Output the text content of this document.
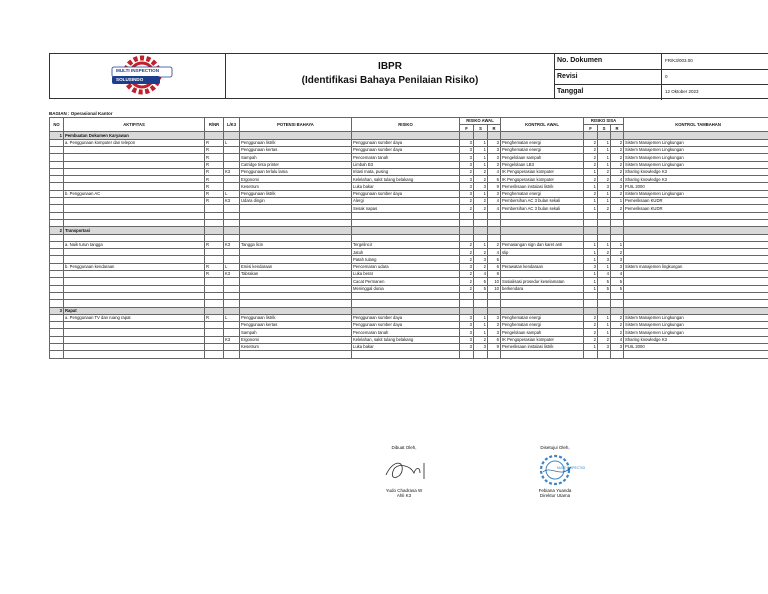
MULTI INSPECTION
SOLUSINDO
IBPR
(Identifikasi Bahaya Penilaian Risiko)
No. Dokumen	FR/K3/003.00
Revisi	0
Tanggal	12 Oktober 2023
BAGIAN : Operasional Kantor
NO	AKTIFITAS	R/NR	L/K3	POTENSI BAHAYA	RISIKO	RISIKO AWAL			KONTROL AWAL	RISIKO SISA			KONTROL TAMBAHAN
						F	S	R		F	S	R	
1	Pembuatan Dokumen Karyawan												
	a. Penggunaan komputer dan telepon	R	L	Penggunaan listrik	Penggunaan sumber daya	3	1	3	Penghematan energi	2	1	2	Sistem Manajemen Lingkungan
		R		Penggunaan kertas	Penggunaan sumber daya	3	1	3	Penghematan energi	2	1	2	Sistem Manajemen Lingkungan
		R		Sampah	Pencemaran tanah	3	1	3	Pengelolaan sampah	2	1	2	Sistem Manajemen Lingkungan
		R		Catridge tinta printer	Limbah B3	3	1	3	Pengelolaan LB3	2	1	2	Sistem Manajemen Lingkungan
		R	K3	Penggunaan terlalu lama	Iritasi mata, pusing	2	2	4	IK Pengoperasian komputer	1	2	2	Sharing knowledge K3
		R		Ergonomi	Kelelahan, sakit tulang belakang	3	2	6	IK Pengoperasian komputer	2	2	4	Sharing knowledge K3
		R		Kesetrum	Luka bakar	3	3	9	Pemeriksaan instalasi listrik	1	3	3	PUIL 2000
	b. Penggunaan AC	R	L	Penggunaan listrik	Penggunaan sumber daya	3	1	3	Penghematan energi	2	1	2	Sistem Manajemen Lingkungan
		R	K3	Udara dingin	Alergi	2	2	4	Pembersihan AC 3 bulan sekali	1	1	1	Pemeriksaan KUDR
					Sesak napas	2	2	4	Pembersihan AC 3 bulan sekali	1	2	2	Pemeriksaan KUDR

2	Transportasi												

	a. Naik turun tangga	R	K3	Tangga licin	Tergelincir	2	1	2	Pemasangan sign dan karet anti	1	1	1	
					Jatuh	2	2	4	slip	1	2	2	
					Patah tulang	2	3	6		1	3	3	
	b. Penggunaan kendaraan	R	L	Emisi kendaraan	Pencemaran udara	3	2	6	Perawatan kendaraan	3	1	3	Sistem manajemen lingkungan
		R	K3	Tabrakan	Luka berat	2	4	8		1	4	4	
					Cacat Permanen	2	5	10	Sosialisasi prosedur keselamatan	1	5	5	
					Meninggal dunia	2	5	10	berkendara	1	5	5	

3	Rapat												
	a. Penggunaan TV dan ruang rapat	R	L	Penggunaan listrik	Penggunaan sumber daya	3	1	3	Penghematan energi	2	1	2	Sistem Manajemen Lingkungan
				Penggunaan kertas	Penggunaan sumber daya	3	1	3	Penghematan energi	2	1	2	Sistem Manajemen Lingkungan
				Sampah	Pencemaran tanah	3	1	3	Pengelolaan sampah	2	1	2	Sistem Manajemen Lingkungan
			K3	Ergonomi	Kelelahan, sakit tulang belakang	3	2	6	IK Pengoperasian komputer	2	2	4	Sharing knowledge K3
				Kesetrum	Luka bakar	3	3	9	Pemeriksaan instalasi listrik	1	3	3	PUIL 2000

Dibuat Oleh,
Yudo Chadrasa W
Ahli K3
Disetujui Oleh,
MULTI INSPECTION
Febiana Yuanda
Direktur Utama
